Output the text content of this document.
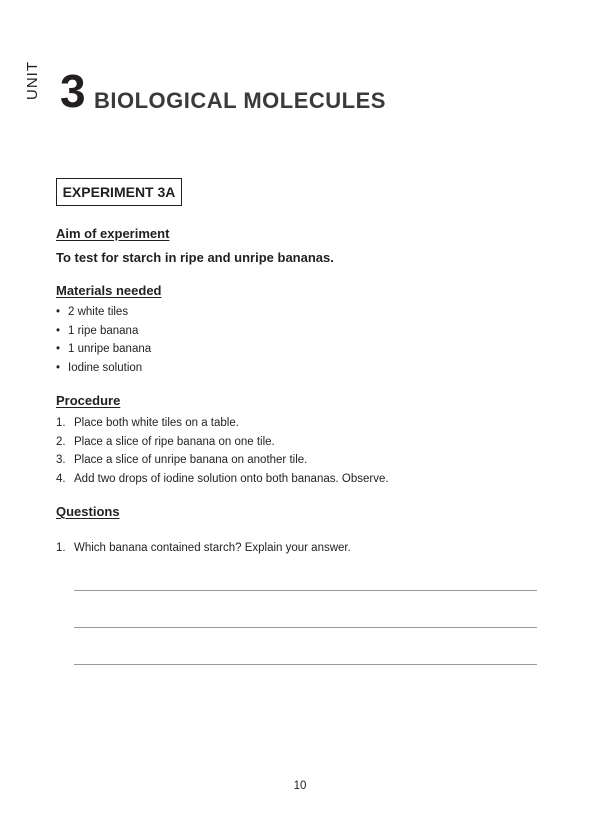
UNIT 3 BIOLOGICAL MOLECULES
EXPERIMENT 3A
Aim of experiment
To test for starch in ripe and unripe bananas.
Materials needed
• 2 white tiles
• 1 ripe banana
• 1 unripe banana
• Iodine solution
Procedure
1. Place both white tiles on a table.
2. Place a slice of ripe banana on one tile.
3. Place a slice of unripe banana on another tile.
4. Add two drops of iodine solution onto both bananas. Observe.
Questions
1. Which banana contained starch? Explain your answer.
10
